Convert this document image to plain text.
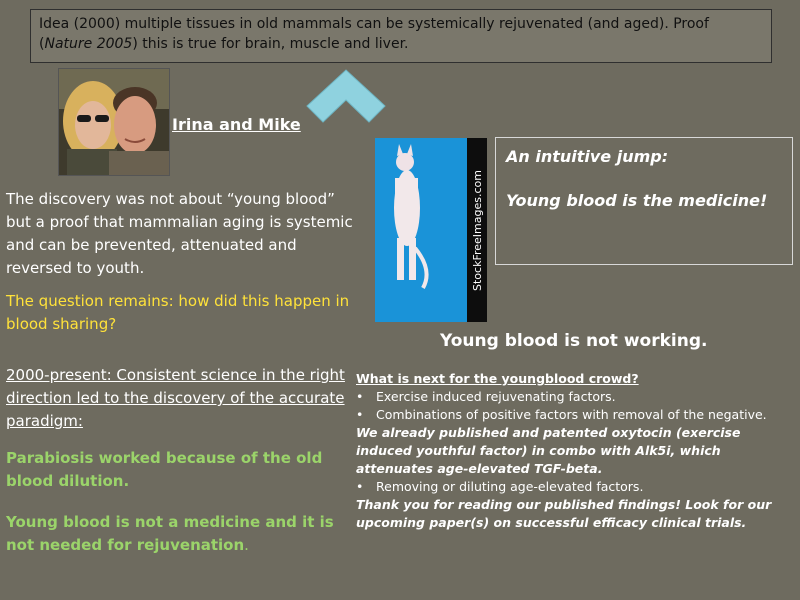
Idea (2000) multiple tissues in old mammals can be systemically rejuvenated (and aged). Proof (Nature 2005) this is true for brain, muscle and liver.
Irina and Mike
StockFreeImages.com
An intuitive jump:
Young blood is the medicine!

The discovery was not about “young blood” but a proof that mammalian aging is systemic and can be prevented, attenuated and reversed to youth.

The question remains: how did this happen in blood sharing?

2000-present: Consistent science in the right direction led to the discovery of the accurate paradigm:

Parabiosis worked because of the old blood dilution.

Young blood is not a medicine and it is not needed for rejuvenation.

Young blood is not working.
What is next for the youngblood crowd?
•	Exercise induced rejuvenating factors.
•	Combinations of positive factors with removal of the negative.
We already published and patented oxytocin (exercise induced youthful factor) in combo with Alk5i, which attenuates age-elevated TGF-beta.
•	Removing or diluting age-elevated factors.
Thank you for reading our published findings! Look for our upcoming paper(s) on successful efficacy clinical trials.
